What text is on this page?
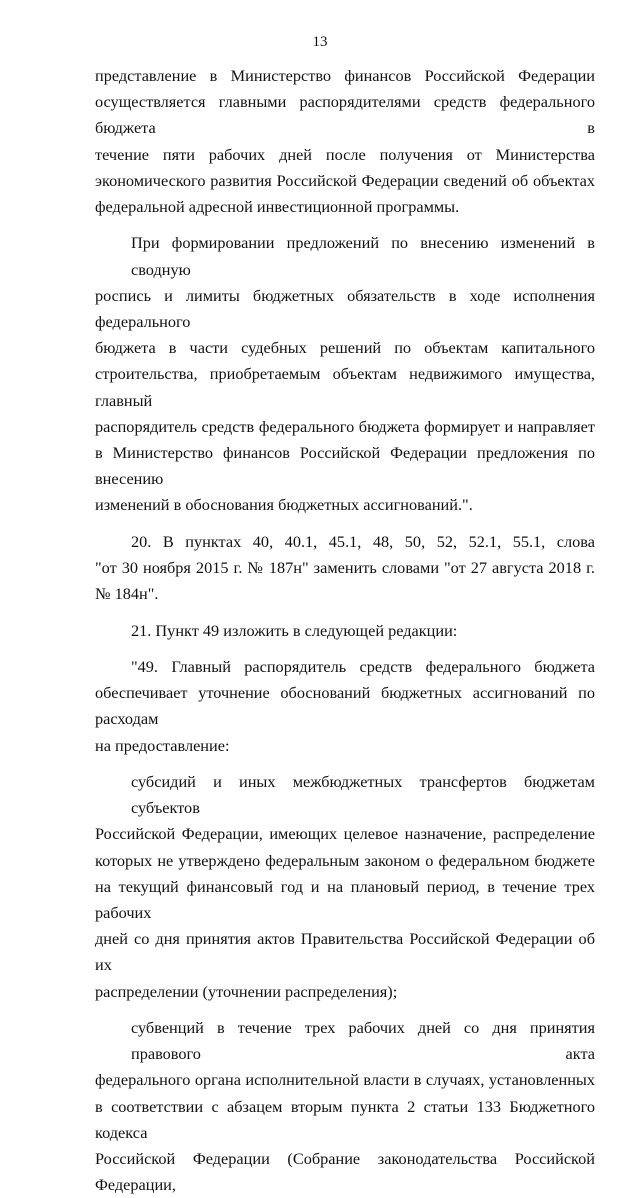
13
представление в Министерство финансов Российской Федерации
осуществляется главными распорядителями средств федерального бюджета в
течение пяти рабочих дней после получения от Министерства
экономического развития Российской Федерации сведений об объектах
федеральной адресной инвестиционной программы.
При формировании предложений по внесению изменений в сводную
роспись и лимиты бюджетных обязательств в ходе исполнения федерального
бюджета в части судебных решений по объектам капитального
строительства, приобретаемым объектам недвижимого имущества, главный
распорядитель средств федерального бюджета формирует и направляет
в Министерство финансов Российской Федерации предложения по внесению
изменений в обоснования бюджетных ассигнований.".
20. В пунктах 40, 40.1, 45.1, 48, 50, 52, 52.1, 55.1, слова
"от 30 ноября 2015 г. № 187н" заменить словами "от 27 августа 2018 г.
№ 184н".
21. Пункт 49 изложить в следующей редакции:
"49. Главный распорядитель средств федерального бюджета
обеспечивает уточнение обоснований бюджетных ассигнований по расходам
на предоставление:
субсидий и иных межбюджетных трансфертов бюджетам субъектов
Российской Федерации, имеющих целевое назначение, распределение
которых не утверждено федеральным законом о федеральном бюджете
на текущий финансовый год и на плановый период, в течение трех рабочих
дней со дня принятия актов Правительства Российской Федерации об их
распределении (уточнении распределения);
субвенций в течение трех рабочих дней со дня принятия правового акта
федерального органа исполнительной власти в случаях, установленных
в соответствии с абзацем вторым пункта 2 статьи 133 Бюджетного кодекса
Российской Федерации (Собрание законодательства Российской Федерации,
